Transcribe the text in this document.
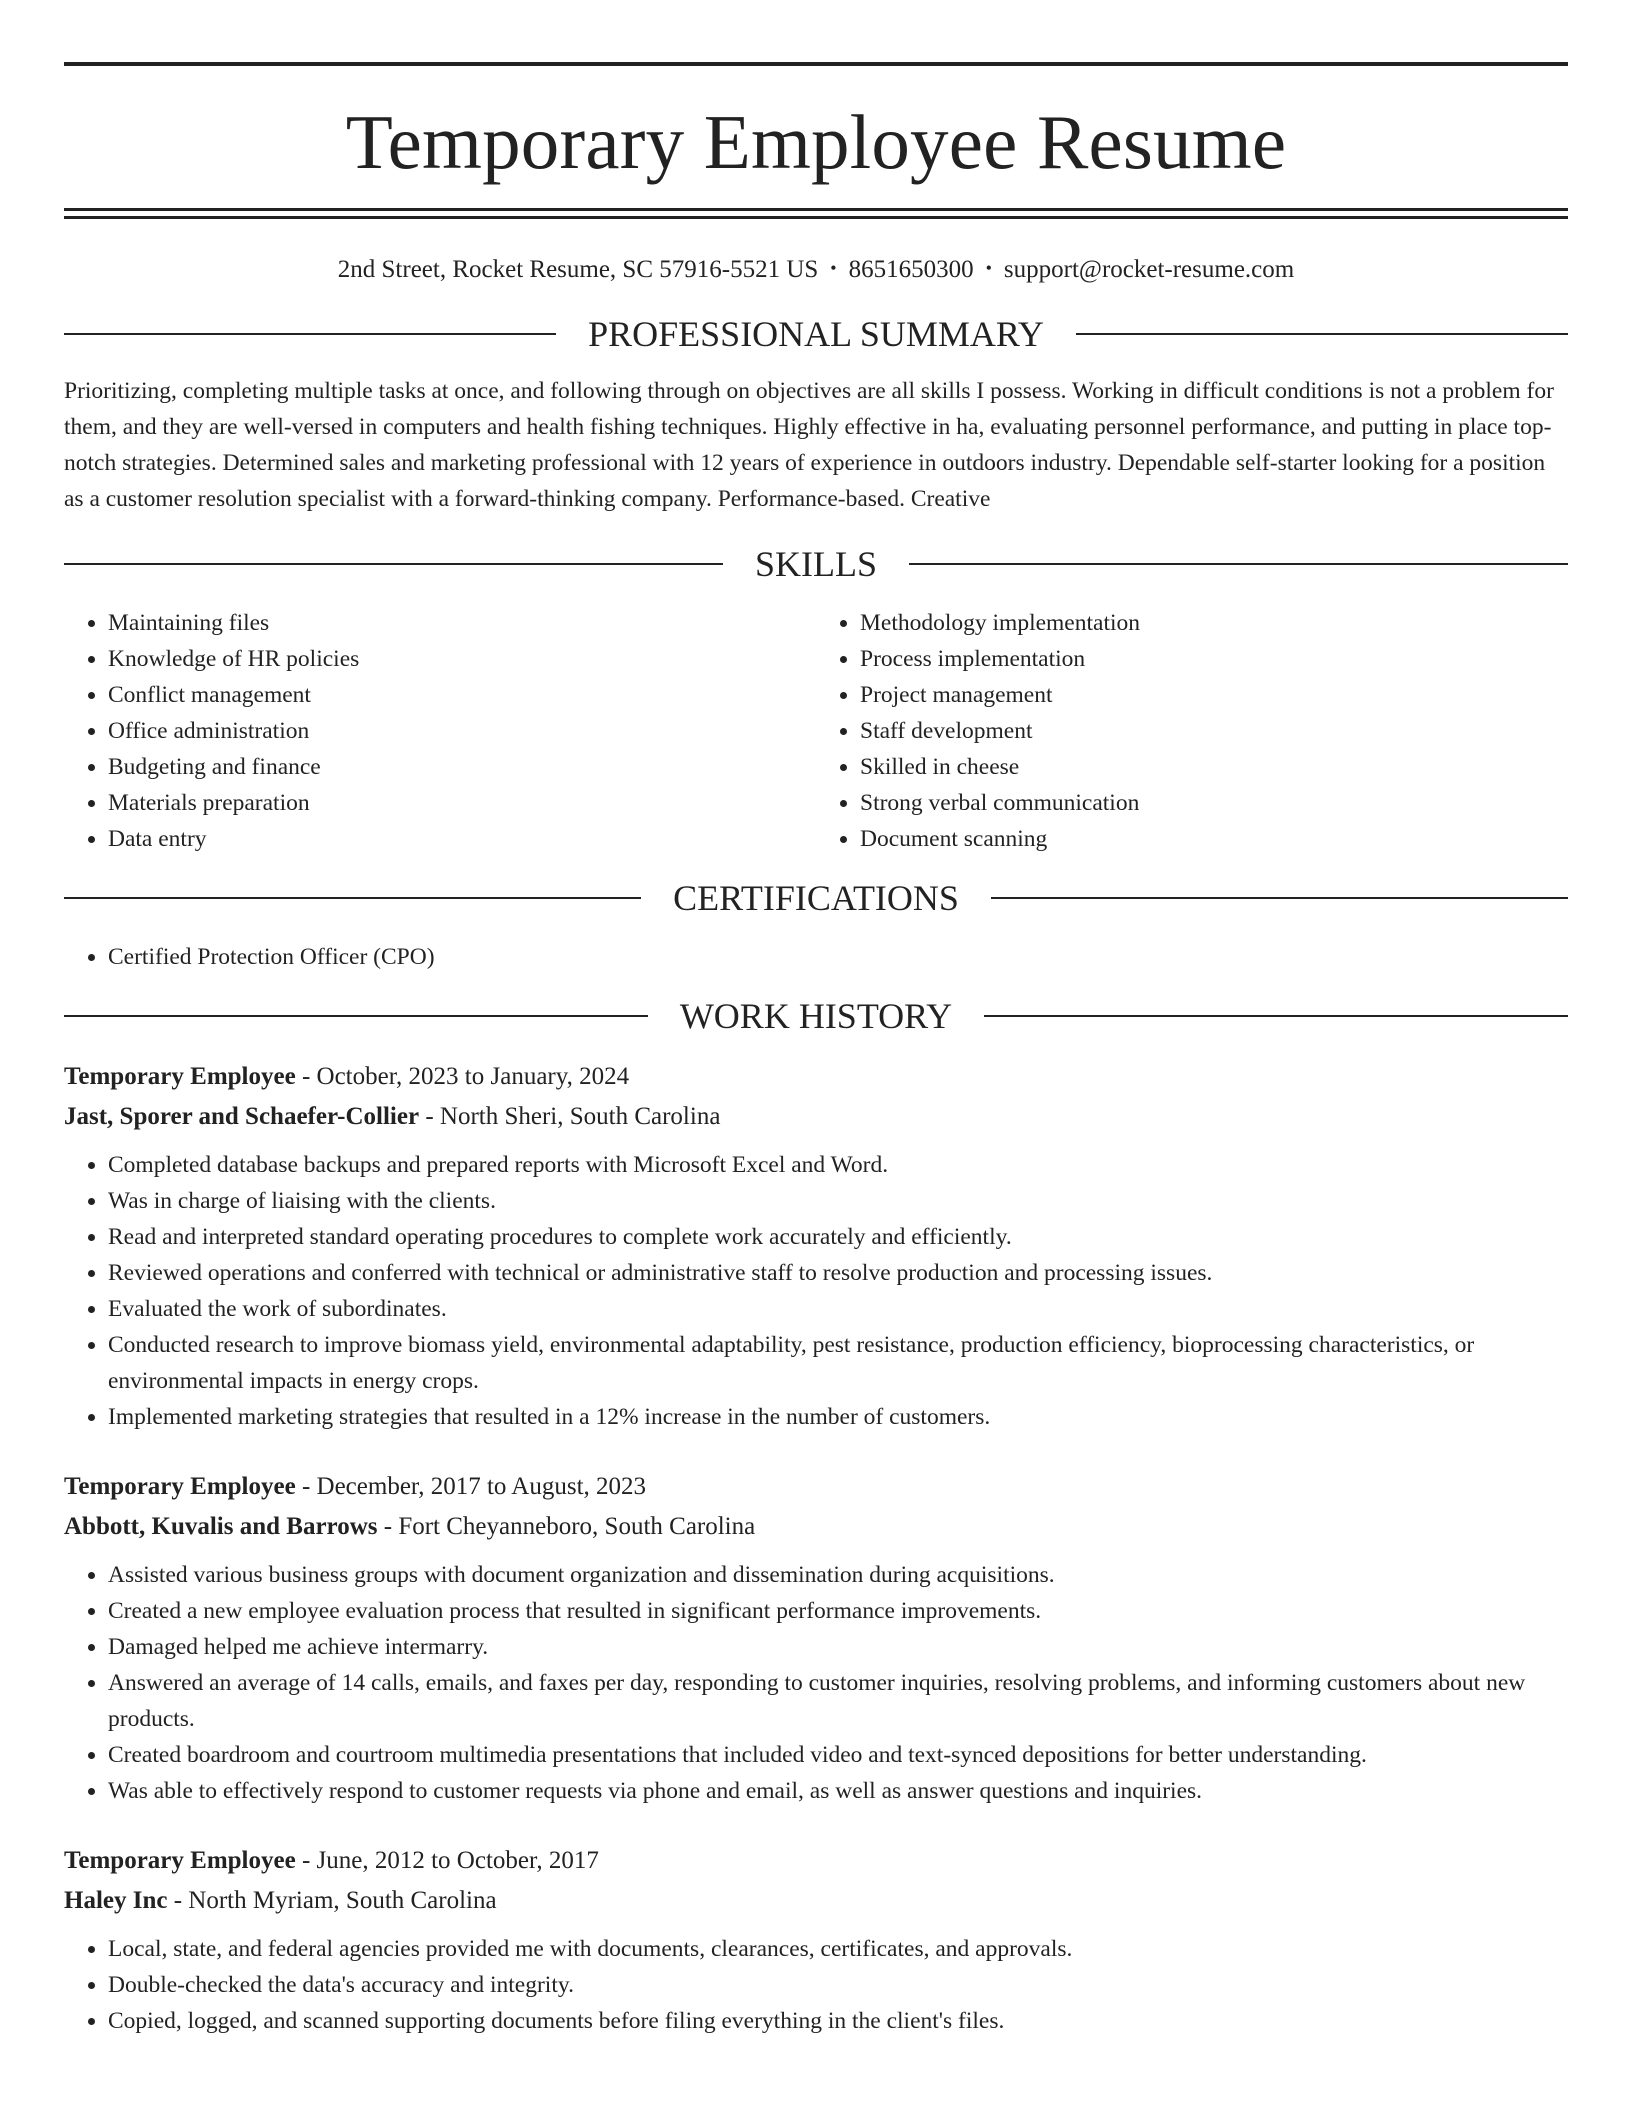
Temporary Employee Resume
2nd Street, Rocket Resume, SC 57916-5521 US • 8651650300 • support@rocket-resume.com
PROFESSIONAL SUMMARY
Prioritizing, completing multiple tasks at once, and following through on objectives are all skills I possess. Working in difficult conditions is not a problem for them, and they are well-versed in computers and health fishing techniques. Highly effective in ha, evaluating personnel performance, and putting in place top-notch strategies. Determined sales and marketing professional with 12 years of experience in outdoors industry. Dependable self-starter looking for a position as a customer resolution specialist with a forward-thinking company. Performance-based. Creative
SKILLS
• Maintaining files
• Knowledge of HR policies
• Conflict management
• Office administration
• Budgeting and finance
• Materials preparation
• Data entry
• Methodology implementation
• Process implementation
• Project management
• Staff development
• Skilled in cheese
• Strong verbal communication
• Document scanning
CERTIFICATIONS
• Certified Protection Officer (CPO)
WORK HISTORY
Temporary Employee - October, 2023 to January, 2024
Jast, Sporer and Schaefer-Collier - North Sheri, South Carolina
• Completed database backups and prepared reports with Microsoft Excel and Word.
• Was in charge of liaising with the clients.
• Read and interpreted standard operating procedures to complete work accurately and efficiently.
• Reviewed operations and conferred with technical or administrative staff to resolve production and processing issues.
• Evaluated the work of subordinates.
• Conducted research to improve biomass yield, environmental adaptability, pest resistance, production efficiency, bioprocessing characteristics, or environmental impacts in energy crops.
• Implemented marketing strategies that resulted in a 12% increase in the number of customers.
Temporary Employee - December, 2017 to August, 2023
Abbott, Kuvalis and Barrows - Fort Cheyanneboro, South Carolina
• Assisted various business groups with document organization and dissemination during acquisitions.
• Created a new employee evaluation process that resulted in significant performance improvements.
• Damaged helped me achieve intermarry.
• Answered an average of 14 calls, emails, and faxes per day, responding to customer inquiries, resolving problems, and informing customers about new products.
• Created boardroom and courtroom multimedia presentations that included video and text-synced depositions for better understanding.
• Was able to effectively respond to customer requests via phone and email, as well as answer questions and inquiries.
Temporary Employee - June, 2012 to October, 2017
Haley Inc - North Myriam, South Carolina
• Local, state, and federal agencies provided me with documents, clearances, certificates, and approvals.
• Double-checked the data's accuracy and integrity.
• Copied, logged, and scanned supporting documents before filing everything in the client's files.
